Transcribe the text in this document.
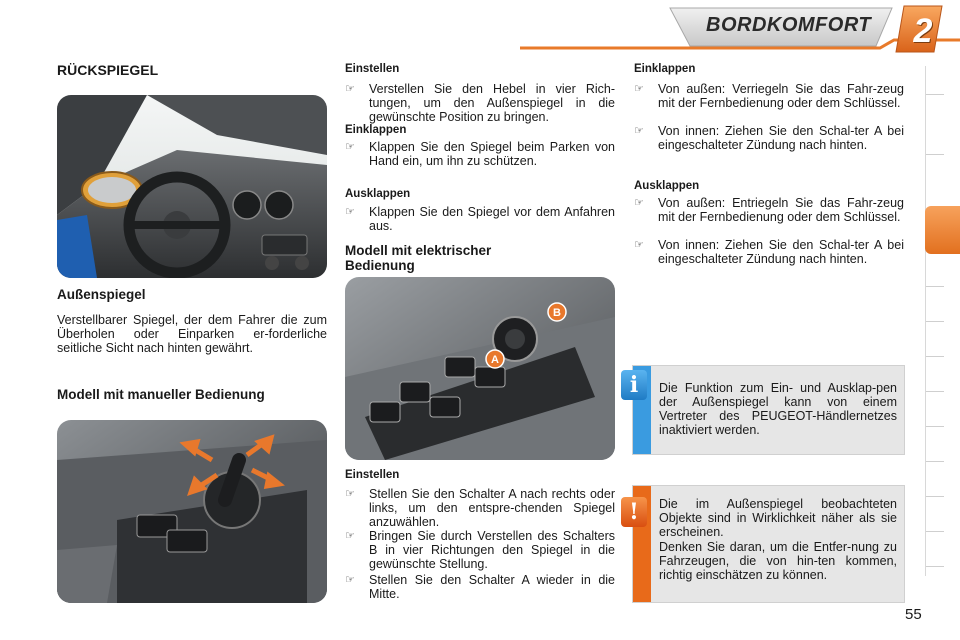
BORDKOMFORT	2
RÜCKSPIEGEL
Außenspiegel
Verstellbarer Spiegel, der dem Fahrer die zum Überholen oder Einparken er-forderliche seitliche Sicht nach hinten gewährt.
Modell mit manueller Bedienung
Einstellen
☞ Verstellen Sie den Hebel in vier Rich-tungen, um den Außenspiegel in die gewünschte Position zu bringen.
Einklappen
☞ Klappen Sie den Spiegel beim Parken von Hand ein, um ihn zu schützen.
Ausklappen
☞ Klappen Sie den Spiegel vor dem Anfahren aus.
Modell mit elektrischer Bedienung
B
A
Einstellen
☞ Stellen Sie den Schalter A nach rechts oder links, um den entspre-chenden Spiegel anzuwählen.
☞ Bringen Sie durch Verstellen des Schalters B in vier Richtungen den Spiegel in die gewünschte Stellung.
☞ Stellen Sie den Schalter A wieder in die Mitte.
Einklappen
☞ Von außen: Verriegeln Sie das Fahr-zeug mit der Fernbedienung oder dem Schlüssel.
☞ Von innen: Ziehen Sie den Schal-ter A bei eingeschalteter Zündung nach hinten.
Ausklappen
☞ Von außen: Entriegeln Sie das Fahr-zeug mit der Fernbedienung oder dem Schlüssel.
☞ Von innen: Ziehen Sie den Schal-ter A bei eingeschalteter Zündung nach hinten.
i	Die Funktion zum Ein- und Ausklap-pen der Außenspiegel kann von einem Vertreter des PEUGEOT-Händlernetzes inaktiviert werden.
!	Die im Außenspiegel beobachteten Objekte sind in Wirklichkeit näher als sie erscheinen.
Denken Sie daran, um die Entfer-nung zu Fahrzeugen, die von hin-ten kommen, richtig einschätzen zu können.
55
